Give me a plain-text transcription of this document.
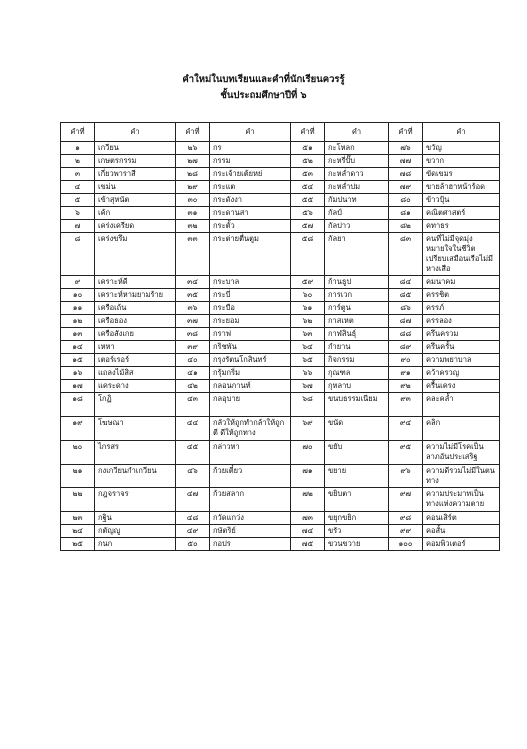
คำใหม่ในบทเรียนและคำที่นักเรียนควรรู้
ชั้นประถมศึกษาปีที่ ๖
คำที่	คำ	คำที่	คำ	คำที่	คำ	คำที่	คำ
๑	เกวียน	๒๖	กร	๕๑	กะโหลก	๗๖	ขวัญ
๒	เกษตรกรรม	๒๗	กรรม	๕๒	กะหรี่ปั๊บ	๗๗	ขวาก
๓	เกี่ยวพาราสี	๒๘	กระเจ้ายเต้ยหย่	๕๓	กะหล่ำดาว	๗๘	ขัดเขมร
๔	เขม่น	๒๙	กระแต	๕๔	กะหล่ำปม	๗๙	ขายล้าฮาหน้าร้อด
๕	เข้าสุหนัต	๓๐	กระดังงา	๕๕	กัมปนาท	๘๐	ข้าวปุ้น
๖	เค้ก	๓๑	กระดานสา	๕๖	กัลป์	๘๑	คณิตศาสตร์
๗	เคร่งเครียด	๓๒	กระตั้ว	๕๗	กัลปาว	๘๒	คทาธร
๘	เคร่งขรึม	๓๓	กระต่ายตื่นตูม	๕๘	กัลยา	๘๓	คนที่ไม่มีจุดมุ่งหมายใจในชีวิต เปรียบเสมือนเรือไม่มีหางเสือ
๙	เคราะห์ดี	๓๔	กระบาล	๕๙	ก้านธูป	๘๔	คมนาคม
๑๐	เคราะห์หามยามร้าย	๓๕	กระบี่	๖๐	การเวก	๘๕	ครรชิต
๑๑	เครือเถ้น	๓๖	กระบือ	๖๑	การ์ตูน	๘๖	ครรภ์
๑๒	เครือธอง	๓๗	กระยอม	๖๒	กาสเหต	๘๗	ครรลอง
๑๓	เครือสังเกย	๓๘	กราฟ	๖๓	กาฬสินธุ์	๘๘	ครึนครวม
๑๔	เหหา	๓๙	กริชพัน	๖๔	กำยาน	๘๙	ครึนครั้น
๑๕	เตอร์เรอร์	๔๐	กรุงรัตนโกสินทร์	๖๕	กิจกรรม	๙๐	ความพยาบาล
๑๖	แถลงไม้สิส	๔๑	กรุ้มกริ่ม	๖๖	กุณฑล	๙๑	คว้าครวญ
๑๗	แคระดาง	๔๒	กลอนกานท์	๖๗	กุหลาบ	๙๒	ครื้นเครง
๑๘	โกฏิ	๔๓	กลอุบาย	๖๘	ขนบธรรมเนียม	๙๓	คละคล้ำ
๑๙	โฆษณา	๔๔	กลัวให้ถูกทำกล้าให้ถูกตี ดีให้ถูกทาง	๖๙	ขนัด	๙๔	คลิก
๒๐	ไกรสร	๔๕	กล่าวหา	๗๐	ขยับ	๙๕	ความไม่มีโรคเป็นลาภอันประเสริฐ
๒๑	กงเกวียนกำเกวียน	๔๖	ก้วยเตี๋ยว	๗๑	ขยาย	๙๖	ความดีรวมไม่มีในตนทาง
๒๒	กฎจราจร	๔๗	ก้วยสลาก	๗๒	ขยิบตา	๙๗	ความประมาทเป็นทางแห่งความตาย
๒๓	กฐิน	๔๘	กวัดแกว่ง	๗๓	ขยุกขยิก	๙๘	คอนเสิร์ต
๒๔	กตัญญู	๔๙	กษัตริย์	๗๔	ขรัว	๙๙	คอสั้น
๒๕	กนก	๕๐	กอปร	๗๕	ขวนขวาย	๑๐๐	คอมพิวเตอร์
